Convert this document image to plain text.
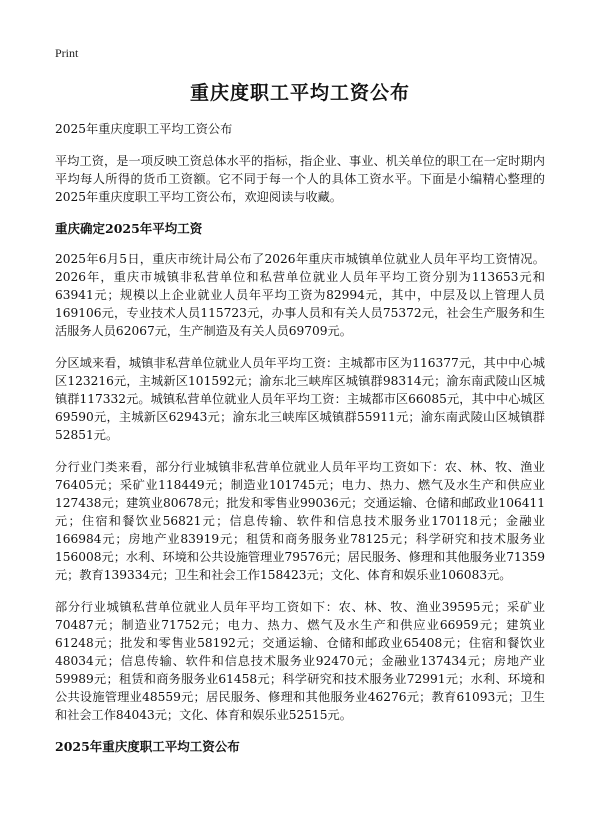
Print
重庆度职工平均工资公布

2025年重庆度职工平均工资公布

平均工资，是一项反映工资总体水平的指标，指企业、事业、机关单位的职工在一定时期内平均每人所得的货币工资额。它不同于每一个人的具体工资水平。下面是小编精心整理的2025年重庆度职工平均工资公布，欢迎阅读与收藏。

重庆确定2025年平均工资

2025年6月5日，重庆市统计局公布了2026年重庆市城镇单位就业人员年平均工资情况。2026年，重庆市城镇非私营单位和私营单位就业人员年平均工资分别为113653元和63941元；规模以上企业就业人员年平均工资为82994元，其中，中层及以上管理人员169106元，专业技术人员115723元，办事人员和有关人员75372元，社会生产服务和生活服务人员62067元，生产制造及有关人员69709元。

分区域来看，城镇非私营单位就业人员年平均工资：主城都市区为116377元，其中中心城区123216元，主城新区101592元；渝东北三峡库区城镇群98314元；渝东南武陵山区城镇群117332元。城镇私营单位就业人员年平均工资：主城都市区66085元，其中中心城区69590元，主城新区62943元；渝东北三峡库区城镇群55911元；渝东南武陵山区城镇群52851元。

分行业门类来看，部分行业城镇非私营单位就业人员年平均工资如下：农、林、牧、渔业76405元；采矿业118449元；制造业101745元；电力、热力、燃气及水生产和供应业127438元；建筑业80678元；批发和零售业99036元；交通运输、仓储和邮政业106411元；住宿和餐饮业56821元；信息传输、软件和信息技术服务业170118元；金融业166984元；房地产业83919元；租赁和商务服务业78125元；科学研究和技术服务业156008元；水利、环境和公共设施管理业79576元；居民服务、修理和其他服务业71359元；教育139334元；卫生和社会工作158423元；文化、体育和娱乐业106083元。

部分行业城镇私营单位就业人员年平均工资如下：农、林、牧、渔业39595元；采矿业70487元；制造业71752元；电力、热力、燃气及水生产和供应业66959元；建筑业61248元；批发和零售业58192元；交通运输、仓储和邮政业65408元；住宿和餐饮业48034元；信息传输、软件和信息技术服务业92470元；金融业137434元；房地产业59989元；租赁和商务服务业61458元；科学研究和技术服务业72991元；水利、环境和公共设施管理业48559元；居民服务、修理和其他服务业46276元；教育61093元；卫生和社会工作84043元；文化、体育和娱乐业52515元。

2025年重庆度职工平均工资公布
